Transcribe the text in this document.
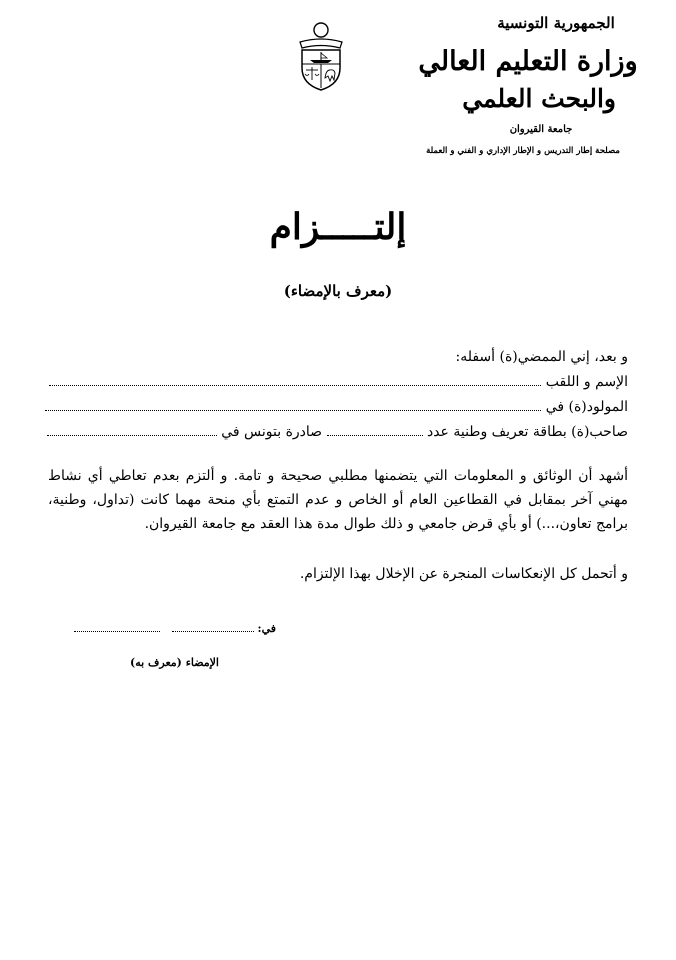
الجمهورية التونسية
وزارة التعليم العالي
والبحث العلمي
جامعة القيروان
مصلحة إطار التدريس و الإطار الإداري و الفني و العملة
إلتـــــزام
(معرف بالإمضاء)
و بعد، إني الممضي(ة) أسفله:
الإسم و اللقب
المولود(ة) في
صاحب(ة) بطاقة تعريف وطنية عدد  صادرة بتونس في
أشهد أن الوثائق و المعلومات التي يتضمنها مطلبي صحيحة و تامة. و ألتزم بعدم تعاطي أي نشاط مهني آخر بمقابل في القطاعين العام أو الخاص و عدم التمتع بأي منحة مهما كانت (تداول، وطنية، برامج تعاون،...) أو بأي قرض جامعي و ذلك طوال مدة هذا العقد مع جامعة القيروان.
و أتحمل كل الإنعكاسات المنجرة عن الإخلال بهذا الإلتزام.
في:
الإمضاء (معرف به)
